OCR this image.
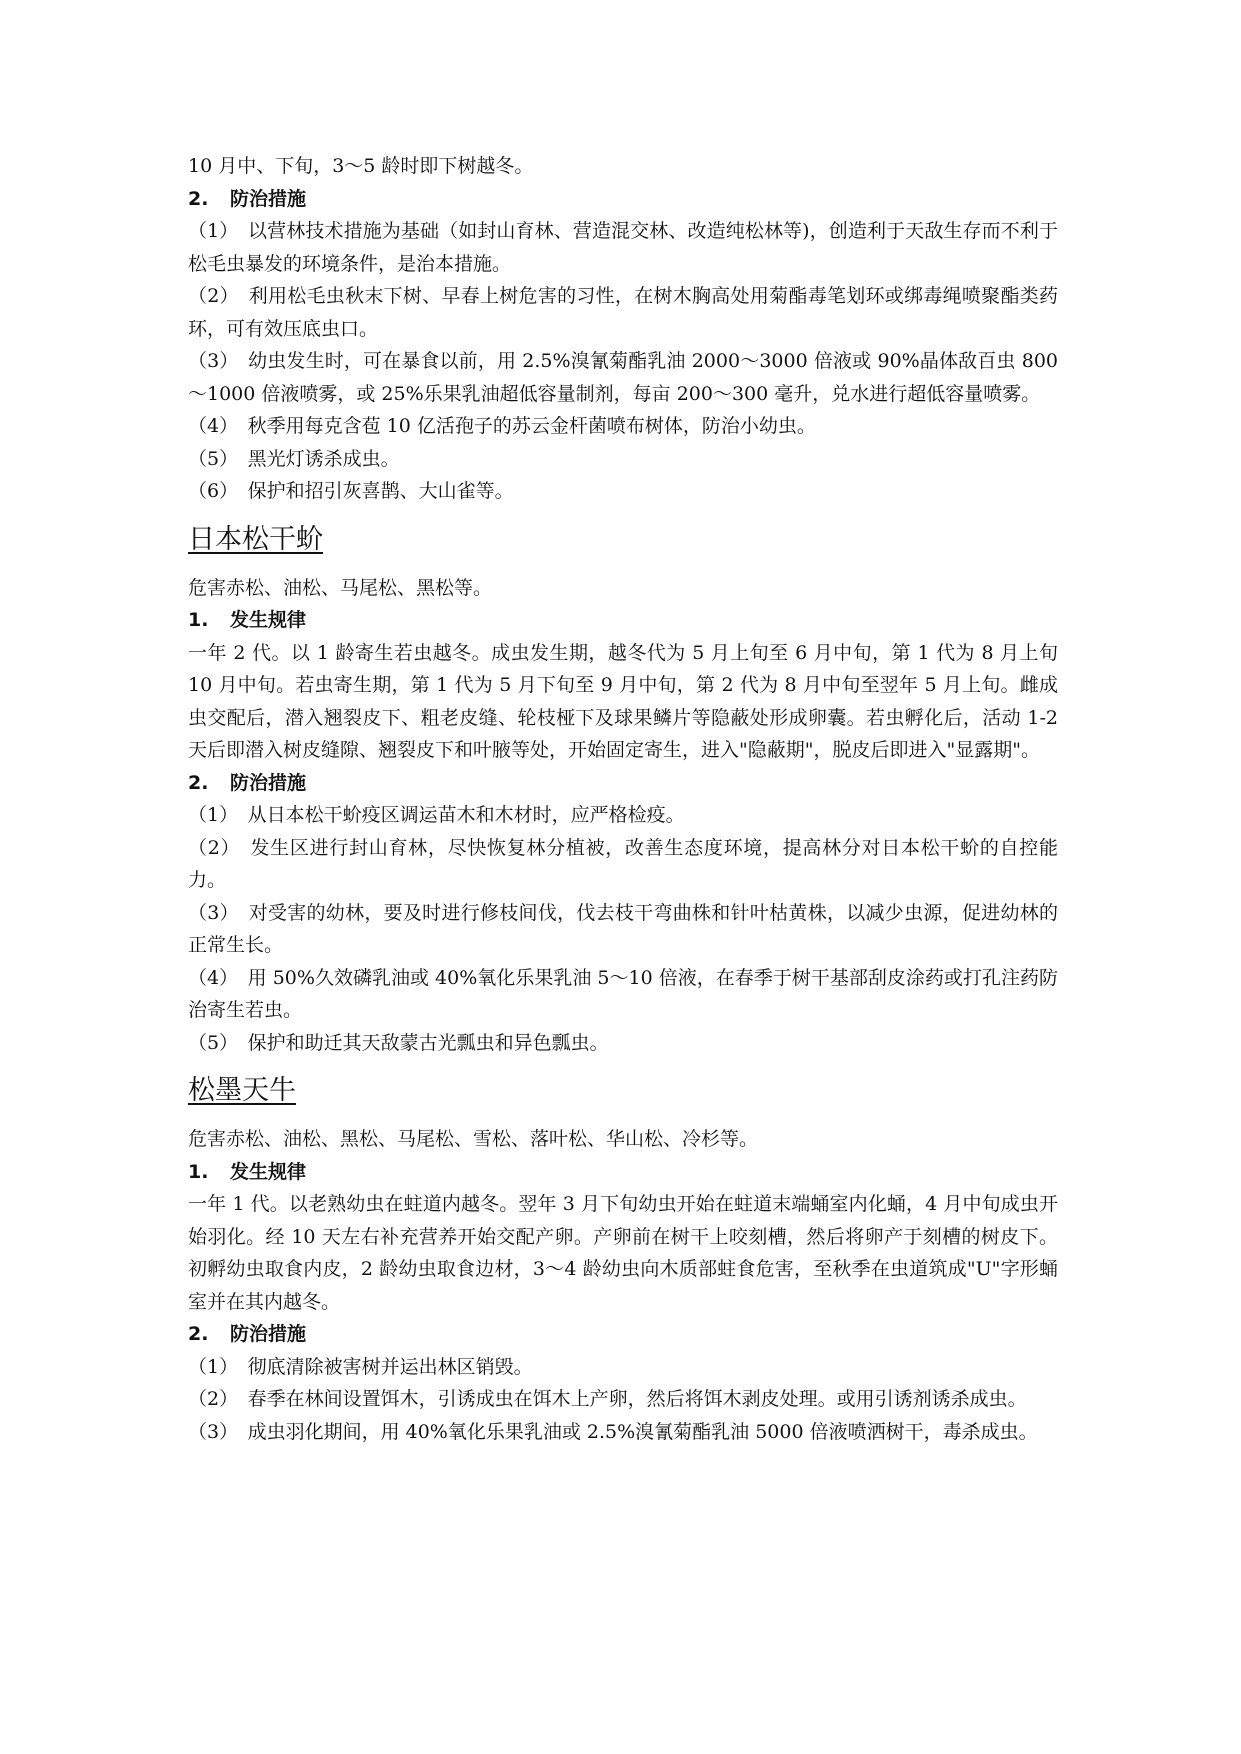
10 月中、下旬，3～5 龄时即下树越冬。

2. 防治措施

（1）　以营林技术措施为基础（如封山育林、营造混交林、改造纯松林等)，创造利于天敌生存而不利于松毛虫暴发的环境条件，是治本措施。

（2）　利用松毛虫秋末下树、早春上树危害的习性，在树木胸高处用菊酯毒笔划环或绑毒绳喷聚酯类药环，可有效压底虫口。

（3）　幼虫发生时，可在暴食以前，用 2.5%溴氰菊酯乳油 2000～3000 倍液或 90%晶体敌百虫 800～1000 倍液喷雾，或 25%乐果乳油超低容量制剂，每亩 200～300 毫升，兑水进行超低容量喷雾。

（4）　秋季用每克含苞 10 亿活孢子的苏云金杆菌喷布树体，防治小幼虫。

（5）　黑光灯诱杀成虫。

（6）　保护和招引灰喜鹊、大山雀等。

日本松干蚧

危害赤松、油松、马尾松、黑松等。

1. 发生规律

一年 2 代。以 1 龄寄生若虫越冬。成虫发生期，越冬代为 5 月上旬至 6 月中旬，第 1 代为 8 月上旬 10 月中旬。若虫寄生期，第 1 代为 5 月下旬至 9 月中旬，第 2 代为 8 月中旬至翌年 5 月上旬。雌成虫交配后，潜入翘裂皮下、粗老皮缝、轮枝桠下及球果鳞片等隐蔽处形成卵囊。若虫孵化后，活动 1-2 天后即潜入树皮缝隙、翘裂皮下和叶腋等处，开始固定寄生，进入"隐蔽期"，脱皮后即进入"显露期"。

2. 防治措施

（1）　从日本松干蚧疫区调运苗木和木材时，应严格检疫。

（2）　发生区进行封山育林，尽快恢复林分植被，改善生态度环境，提高林分对日本松干蚧的自控能力。

（3）　对受害的幼林，要及时进行修枝间伐，伐去枝干弯曲株和针叶枯黄株，以减少虫源，促进幼林的正常生长。

（4）　用 50%久效磷乳油或 40%氧化乐果乳油 5～10 倍液，在春季于树干基部刮皮涂药或打孔注药防治寄生若虫。

（5）　保护和助迁其天敌蒙古光瓢虫和异色瓢虫。

松墨天牛

危害赤松、油松、黑松、马尾松、雪松、落叶松、华山松、冷杉等。

1. 发生规律

一年 1 代。以老熟幼虫在蛀道内越冬。翌年 3 月下旬幼虫开始在蛀道末端蛹室内化蛹，4 月中旬成虫开始羽化。经 10 天左右补充营养开始交配产卵。产卵前在树干上咬刻槽，然后将卵产于刻槽的树皮下。初孵幼虫取食内皮，2 龄幼虫取食边材，3～4 龄幼虫向木质部蛀食危害，至秋季在虫道筑成"U"字形蛹室并在其内越冬。

2. 防治措施

（1）　彻底清除被害树并运出林区销毁。

（2）　春季在林间设置饵木，引诱成虫在饵木上产卵，然后将饵木剥皮处理。或用引诱剂诱杀成虫。

（3）　成虫羽化期间，用 40%氧化乐果乳油或 2.5%溴氰菊酯乳油 5000 倍液喷洒树干，毒杀成虫。
